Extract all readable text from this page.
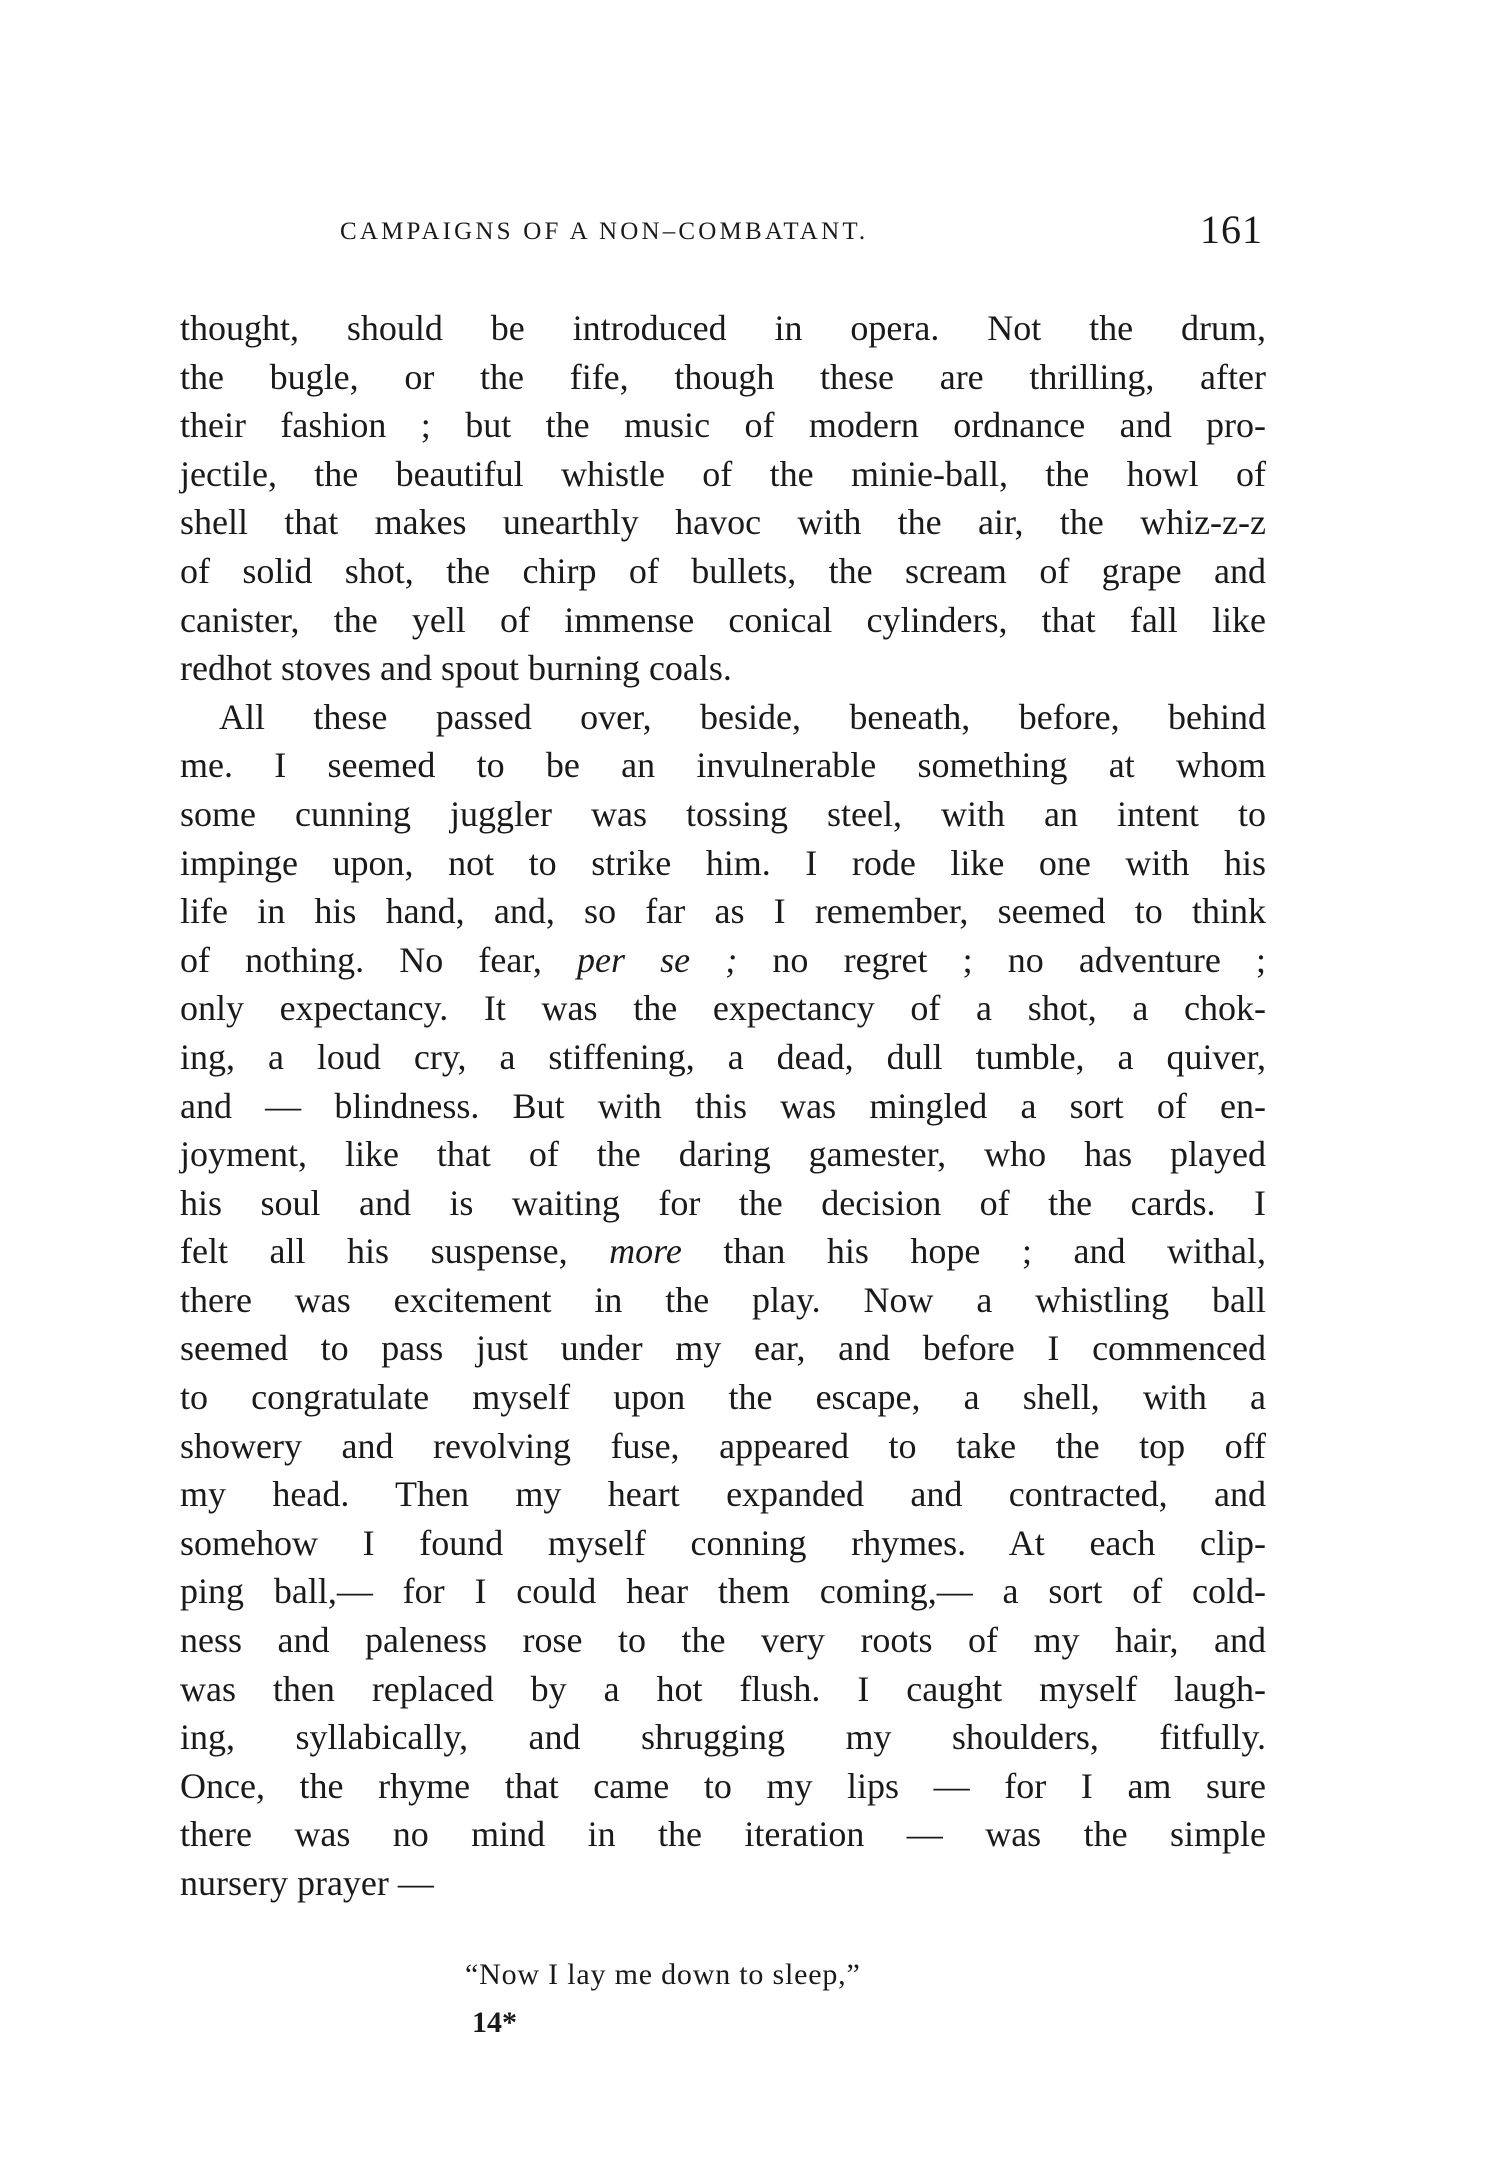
CAMPAIGNS OF A NON–COMBATANT.	161
thought, should be introduced in opera. Not the drum,
the bugle, or the fife, though these are thrilling, after
their fashion ; but the music of modern ordnance and pro-
jectile, the beautiful whistle of the minie-ball, the howl of
shell that makes unearthly havoc with the air, the whiz-z-z
of solid shot, the chirp of bullets, the scream of grape and
canister, the yell of immense conical cylinders, that fall like
redhot stoves and spout burning coals.
All these passed over, beside, beneath, before, behind
me. I seemed to be an invulnerable something at whom
some cunning juggler was tossing steel, with an intent to
impinge upon, not to strike him. I rode like one with his
life in his hand, and, so far as I remember, seemed to think
of nothing. No fear, per se ; no regret ; no adventure ;
only expectancy. It was the expectancy of a shot, a chok-
ing, a loud cry, a stiffening, a dead, dull tumble, a quiver,
and — blindness. But with this was mingled a sort of en-
joyment, like that of the daring gamester, who has played
his soul and is waiting for the decision of the cards. I
felt all his suspense, more than his hope ; and withal,
there was excitement in the play. Now a whistling ball
seemed to pass just under my ear, and before I commenced
to congratulate myself upon the escape, a shell, with a
showery and revolving fuse, appeared to take the top off
my head. Then my heart expanded and contracted, and
somehow I found myself conning rhymes. At each clip-
ping ball,— for I could hear them coming,— a sort of cold-
ness and paleness rose to the very roots of my hair, and
was then replaced by a hot flush. I caught myself laugh-
ing, syllabically, and shrugging my shoulders, fitfully.
Once, the rhyme that came to my lips — for I am sure
there was no mind in the iteration — was the simple
nursery prayer —
“Now I lay me down to sleep,”
14*
